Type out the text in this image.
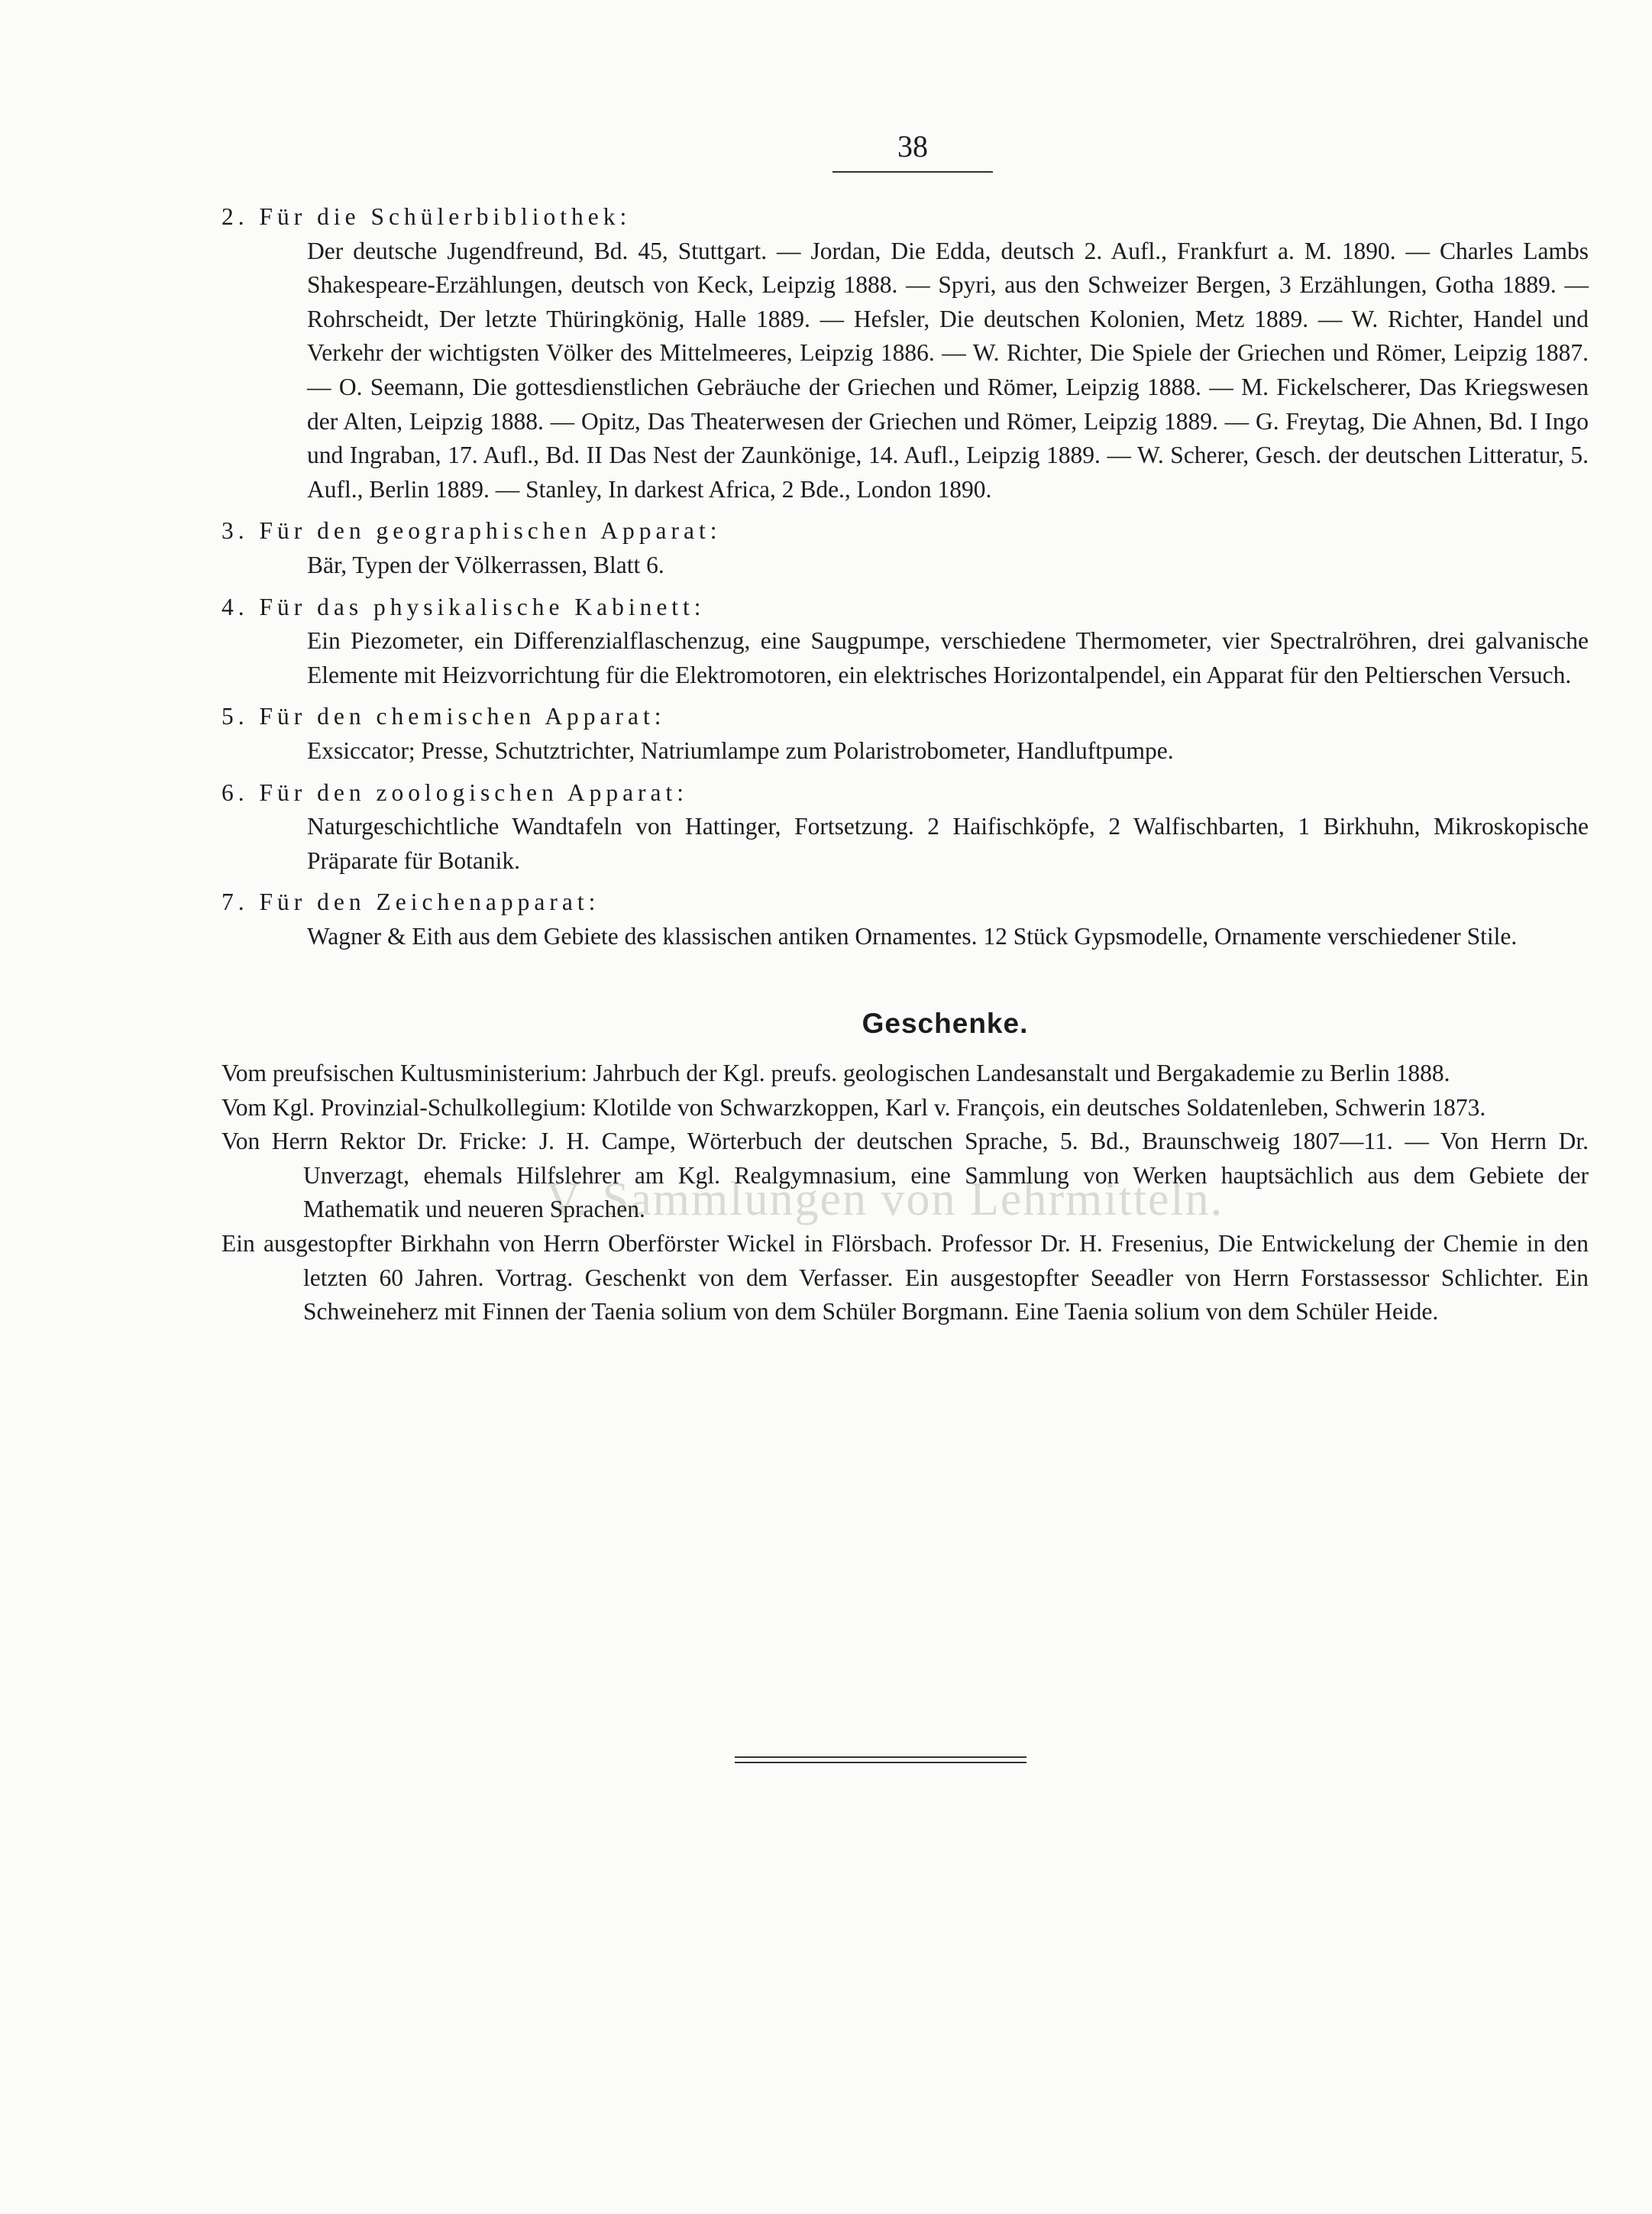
V. Sammlungen von Lehrmitteln.
38
2. Für die Schülerbibliothek:
Der deutsche Jugendfreund, Bd. 45, Stuttgart. — Jordan, Die Edda, deutsch 2. Aufl., Frankfurt a. M. 1890. — Charles Lambs Shakespeare-Erzählungen, deutsch von Keck, Leipzig 1888. — Spyri, aus den Schweizer Bergen, 3 Erzählungen, Gotha 1889. — Rohrscheidt, Der letzte Thüringkönig, Halle 1889. — Hefsler, Die deutschen Kolonien, Metz 1889. — W. Richter, Handel und Verkehr der wichtigsten Völker des Mittelmeeres, Leipzig 1886. — W. Richter, Die Spiele der Griechen und Römer, Leipzig 1887. — O. Seemann, Die gottesdienstlichen Gebräuche der Griechen und Römer, Leipzig 1888. — M. Fickelscherer, Das Kriegswesen der Alten, Leipzig 1888. — Opitz, Das Theaterwesen der Griechen und Römer, Leipzig 1889. — G. Freytag, Die Ahnen, Bd. I Ingo und Ingraban, 17. Aufl., Bd. II Das Nest der Zaunkönige, 14. Aufl., Leipzig 1889. — W. Scherer, Gesch. der deutschen Litteratur, 5. Aufl., Berlin 1889. — Stanley, In darkest Africa, 2 Bde., London 1890.
3. Für den geographischen Apparat:
Bär, Typen der Völkerrassen, Blatt 6.
4. Für das physikalische Kabinett:
Ein Piezometer, ein Differenzialflaschenzug, eine Saugpumpe, verschiedene Thermometer, vier Spectralröhren, drei galvanische Elemente mit Heizvorrichtung für die Elektromotoren, ein elektrisches Horizontalpendel, ein Apparat für den Peltierschen Versuch.
5. Für den chemischen Apparat:
Exsiccator; Presse, Schutztrichter, Natriumlampe zum Polaristrobometer, Handluftpumpe.
6. Für den zoologischen Apparat:
Naturgeschichtliche Wandtafeln von Hattinger, Fortsetzung. 2 Haifischköpfe, 2 Walfischbarten, 1 Birkhuhn, Mikroskopische Präparate für Botanik.
7. Für den Zeichenapparat:
Wagner & Eith aus dem Gebiete des klassischen antiken Ornamentes. 12 Stück Gypsmodelle, Ornamente verschiedener Stile.
Geschenke.
Vom preufsischen Kultusministerium: Jahrbuch der Kgl. preufs. geologischen Landesanstalt und Bergakademie zu Berlin 1888.
Vom Kgl. Provinzial-Schulkollegium: Klotilde von Schwarzkoppen, Karl v. François, ein deutsches Soldatenleben, Schwerin 1873.
Von Herrn Rektor Dr. Fricke: J. H. Campe, Wörterbuch der deutschen Sprache, 5. Bd., Braunschweig 1807—11. — Von Herrn Dr. Unverzagt, ehemals Hilfslehrer am Kgl. Realgymnasium, eine Sammlung von Werken hauptsächlich aus dem Gebiete der Mathematik und neueren Sprachen.
Ein ausgestopfter Birkhahn von Herrn Oberförster Wickel in Flörsbach. Professor Dr. H. Fresenius, Die Entwickelung der Chemie in den letzten 60 Jahren. Vortrag. Geschenkt von dem Verfasser. Ein ausgestopfter Seeadler von Herrn Forstassessor Schlichter. Ein Schweineherz mit Finnen der Taenia solium von dem Schüler Borgmann. Eine Taenia solium von dem Schüler Heide.
